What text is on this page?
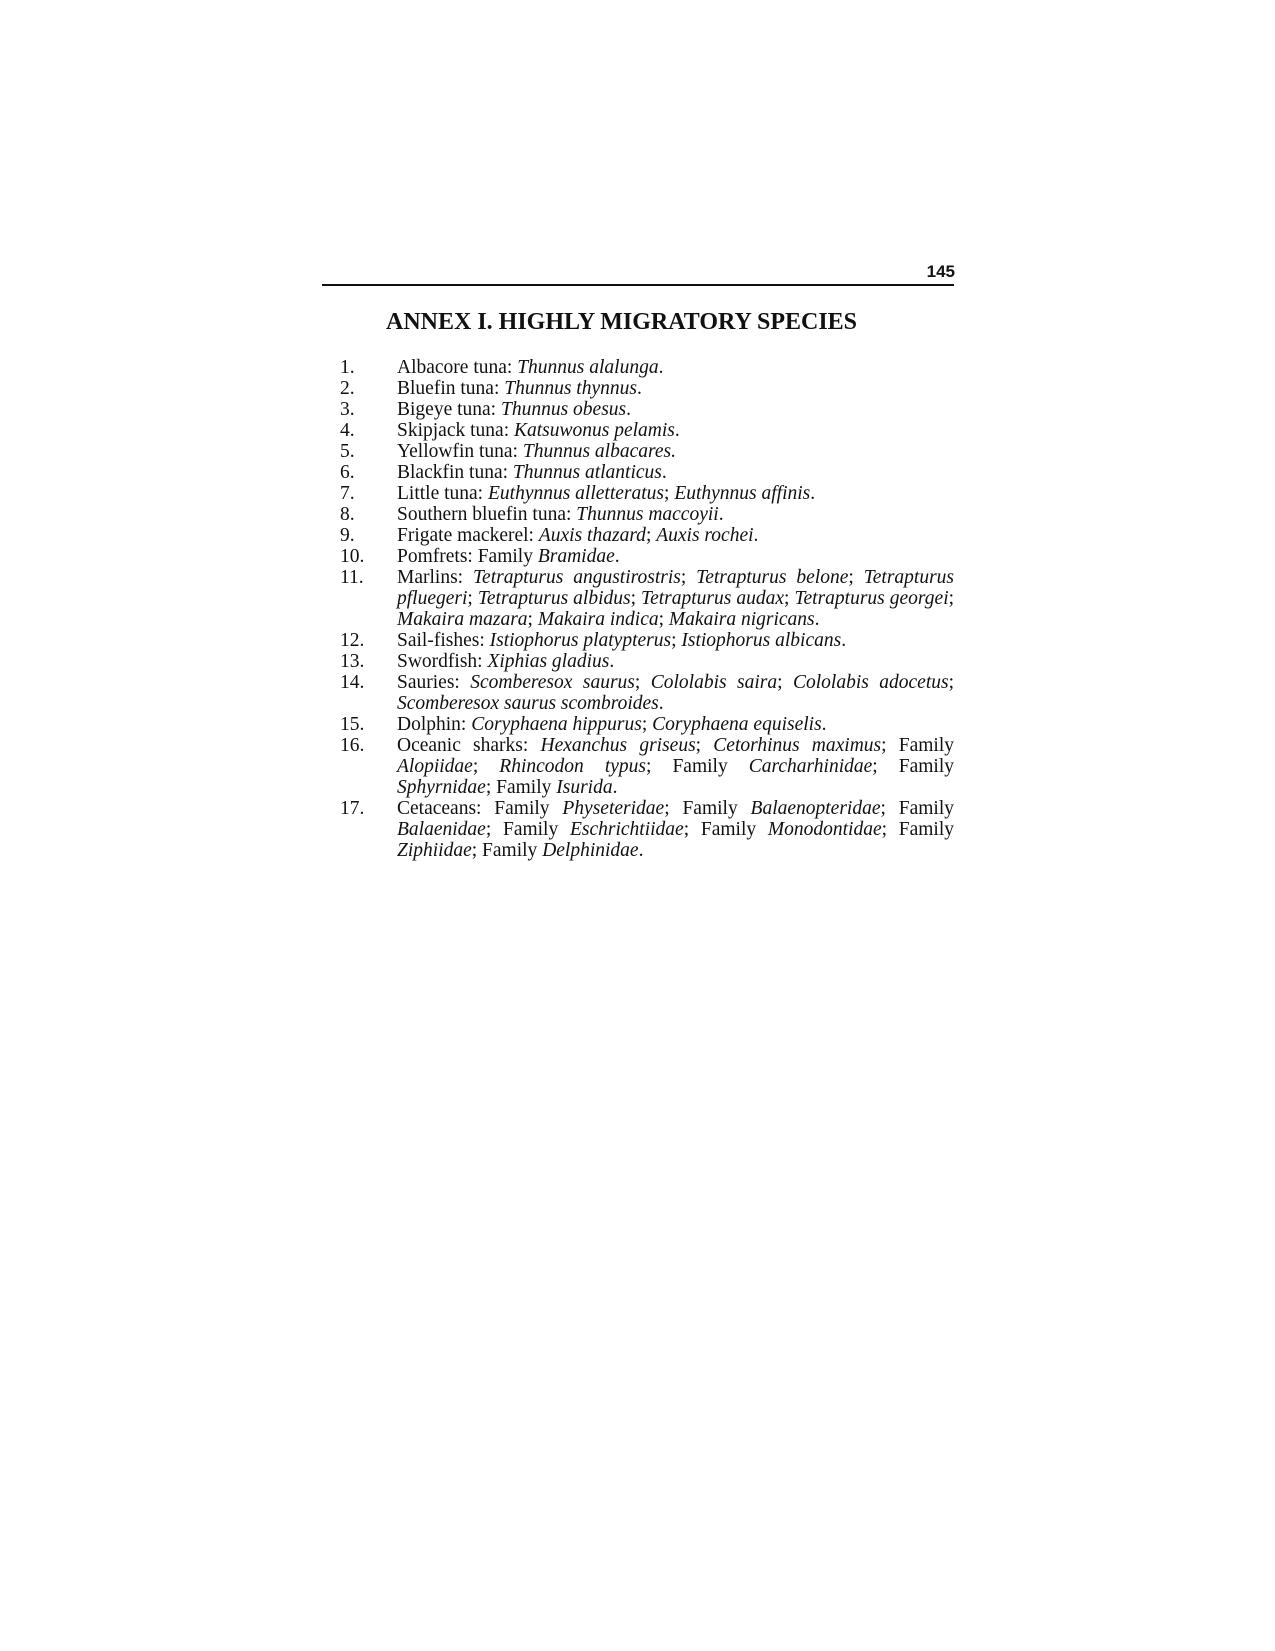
145
ANNEX I. HIGHLY MIGRATORY SPECIES
1.	Albacore tuna: Thunnus alalunga.
2.	Bluefin tuna: Thunnus thynnus.
3.	Bigeye tuna: Thunnus obesus.
4.	Skipjack tuna: Katsuwonus pelamis.
5.	Yellowfin tuna: Thunnus albacares.
6.	Blackfin tuna: Thunnus atlanticus.
7.	Little tuna: Euthynnus alletteratus; Euthynnus affinis.
8.	Southern bluefin tuna: Thunnus maccoyii.
9.	Frigate mackerel: Auxis thazard; Auxis rochei.
10.	Pomfrets: Family Bramidae.
11.	Marlins: Tetrapturus angustirostris; Tetrapturus belone; Tetrapturus pfluegeri; Tetrapturus albidus; Tetrapturus audax; Tetrapturus georgei; Makaira mazara; Makaira indica; Makaira nigricans.
12.	Sail-fishes: Istiophorus platypterus; Istiophorus albicans.
13.	Swordfish: Xiphias gladius.
14.	Sauries: Scomberesox saurus; Cololabis saira; Cololabis adocetus; Scomberesox saurus scombroides.
15.	Dolphin: Coryphaena hippurus; Coryphaena equiselis.
16.	Oceanic sharks: Hexanchus griseus; Cetorhinus maximus; Family Alopiidae; Rhincodon typus; Family Carcharhinidae; Family Sphyrnidae; Family Isurida.
17.	Cetaceans: Family Physeteridae; Family Balaenopteridae; Family Balaenidae; Family Eschrichtiidae; Family Monodontidae; Family Ziphiidae; Family Delphinidae.
